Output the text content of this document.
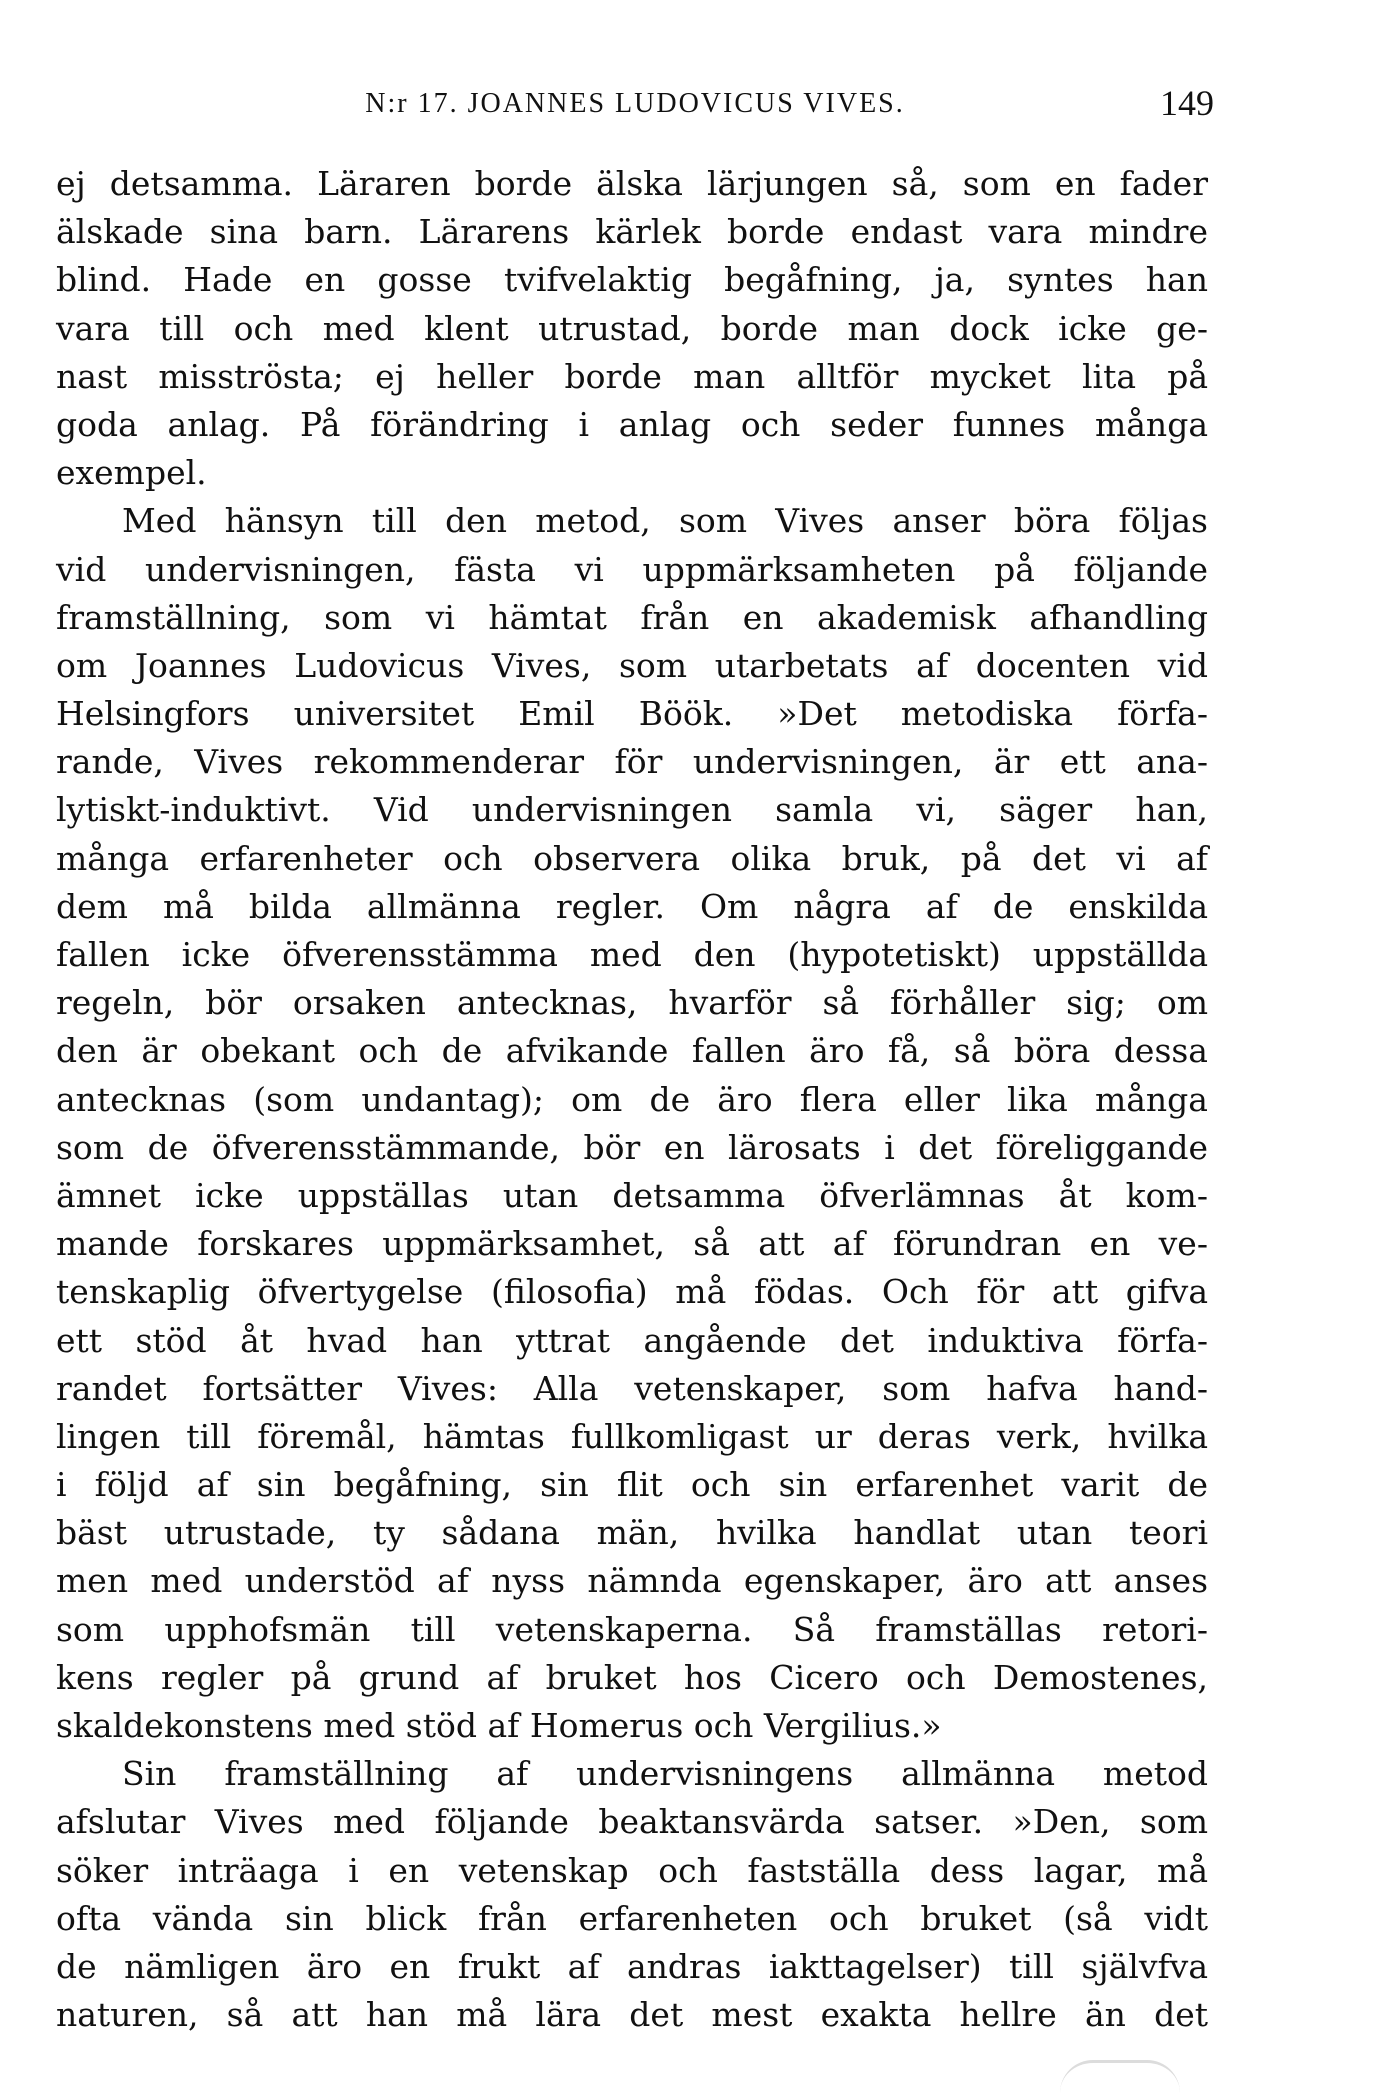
N:r 17. JOANNES LUDOVICUS VIVES.	149
ej detsamma. Läraren borde älska lärjungen så, som en fader
älskade sina barn. Lärarens kärlek borde endast vara mindre
blind. Hade en gosse tvifvelaktig begåfning, ja, syntes han
vara till och med klent utrustad, borde man dock icke ge-
nast misströsta; ej heller borde man alltför mycket lita på
goda anlag. På förändring i anlag och seder funnes många
exempel.
Med hänsyn till den metod, som Vives anser böra följas
vid undervisningen, fästa vi uppmärksamheten på följande
framställning, som vi hämtat från en akademisk afhandling
om Joannes Ludovicus Vives, som utarbetats af docenten vid
Helsingfors universitet Emil Böök. »Det metodiska förfa-
rande, Vives rekommenderar för undervisningen, är ett ana-
lytiskt-induktivt. Vid undervisningen samla vi, säger han,
många erfarenheter och observera olika bruk, på det vi af
dem må bilda allmänna regler. Om några af de enskilda
fallen icke öfverensstämma med den (hypotetiskt) uppställda
regeln, bör orsaken antecknas, hvarför så förhåller sig; om
den är obekant och de afvikande fallen äro få, så böra dessa
antecknas (som undantag); om de äro flera eller lika många
som de öfverensstämmande, bör en lärosats i det föreliggande
ämnet icke uppställas utan detsamma öfverlämnas åt kom-
mande forskares uppmärksamhet, så att af förundran en ve-
tenskaplig öfvertygelse (filosofia) må födas. Och för att gifva
ett stöd åt hvad han yttrat angående det induktiva förfa-
randet fortsätter Vives: Alla vetenskaper, som hafva hand-
lingen till föremål, hämtas fullkomligast ur deras verk, hvilka
i följd af sin begåfning, sin flit och sin erfarenhet varit de
bäst utrustade, ty sådana män, hvilka handlat utan teori
men med understöd af nyss nämnda egenskaper, äro att anses
som upphofsmän till vetenskaperna. Så framställas retori-
kens regler på grund af bruket hos Cicero och Demostenes,
skaldekonstens med stöd af Homerus och Vergilius.»
Sin framställning af undervisningens allmänna metod
afslutar Vives med följande beaktansvärda satser. »Den, som
söker inträaga i en vetenskap och fastställa dess lagar, må
ofta vända sin blick från erfarenheten och bruket (så vidt
de nämligen äro en frukt af andras iakttagelser) till självfva
naturen, så att han må lära det mest exakta hellre än det
